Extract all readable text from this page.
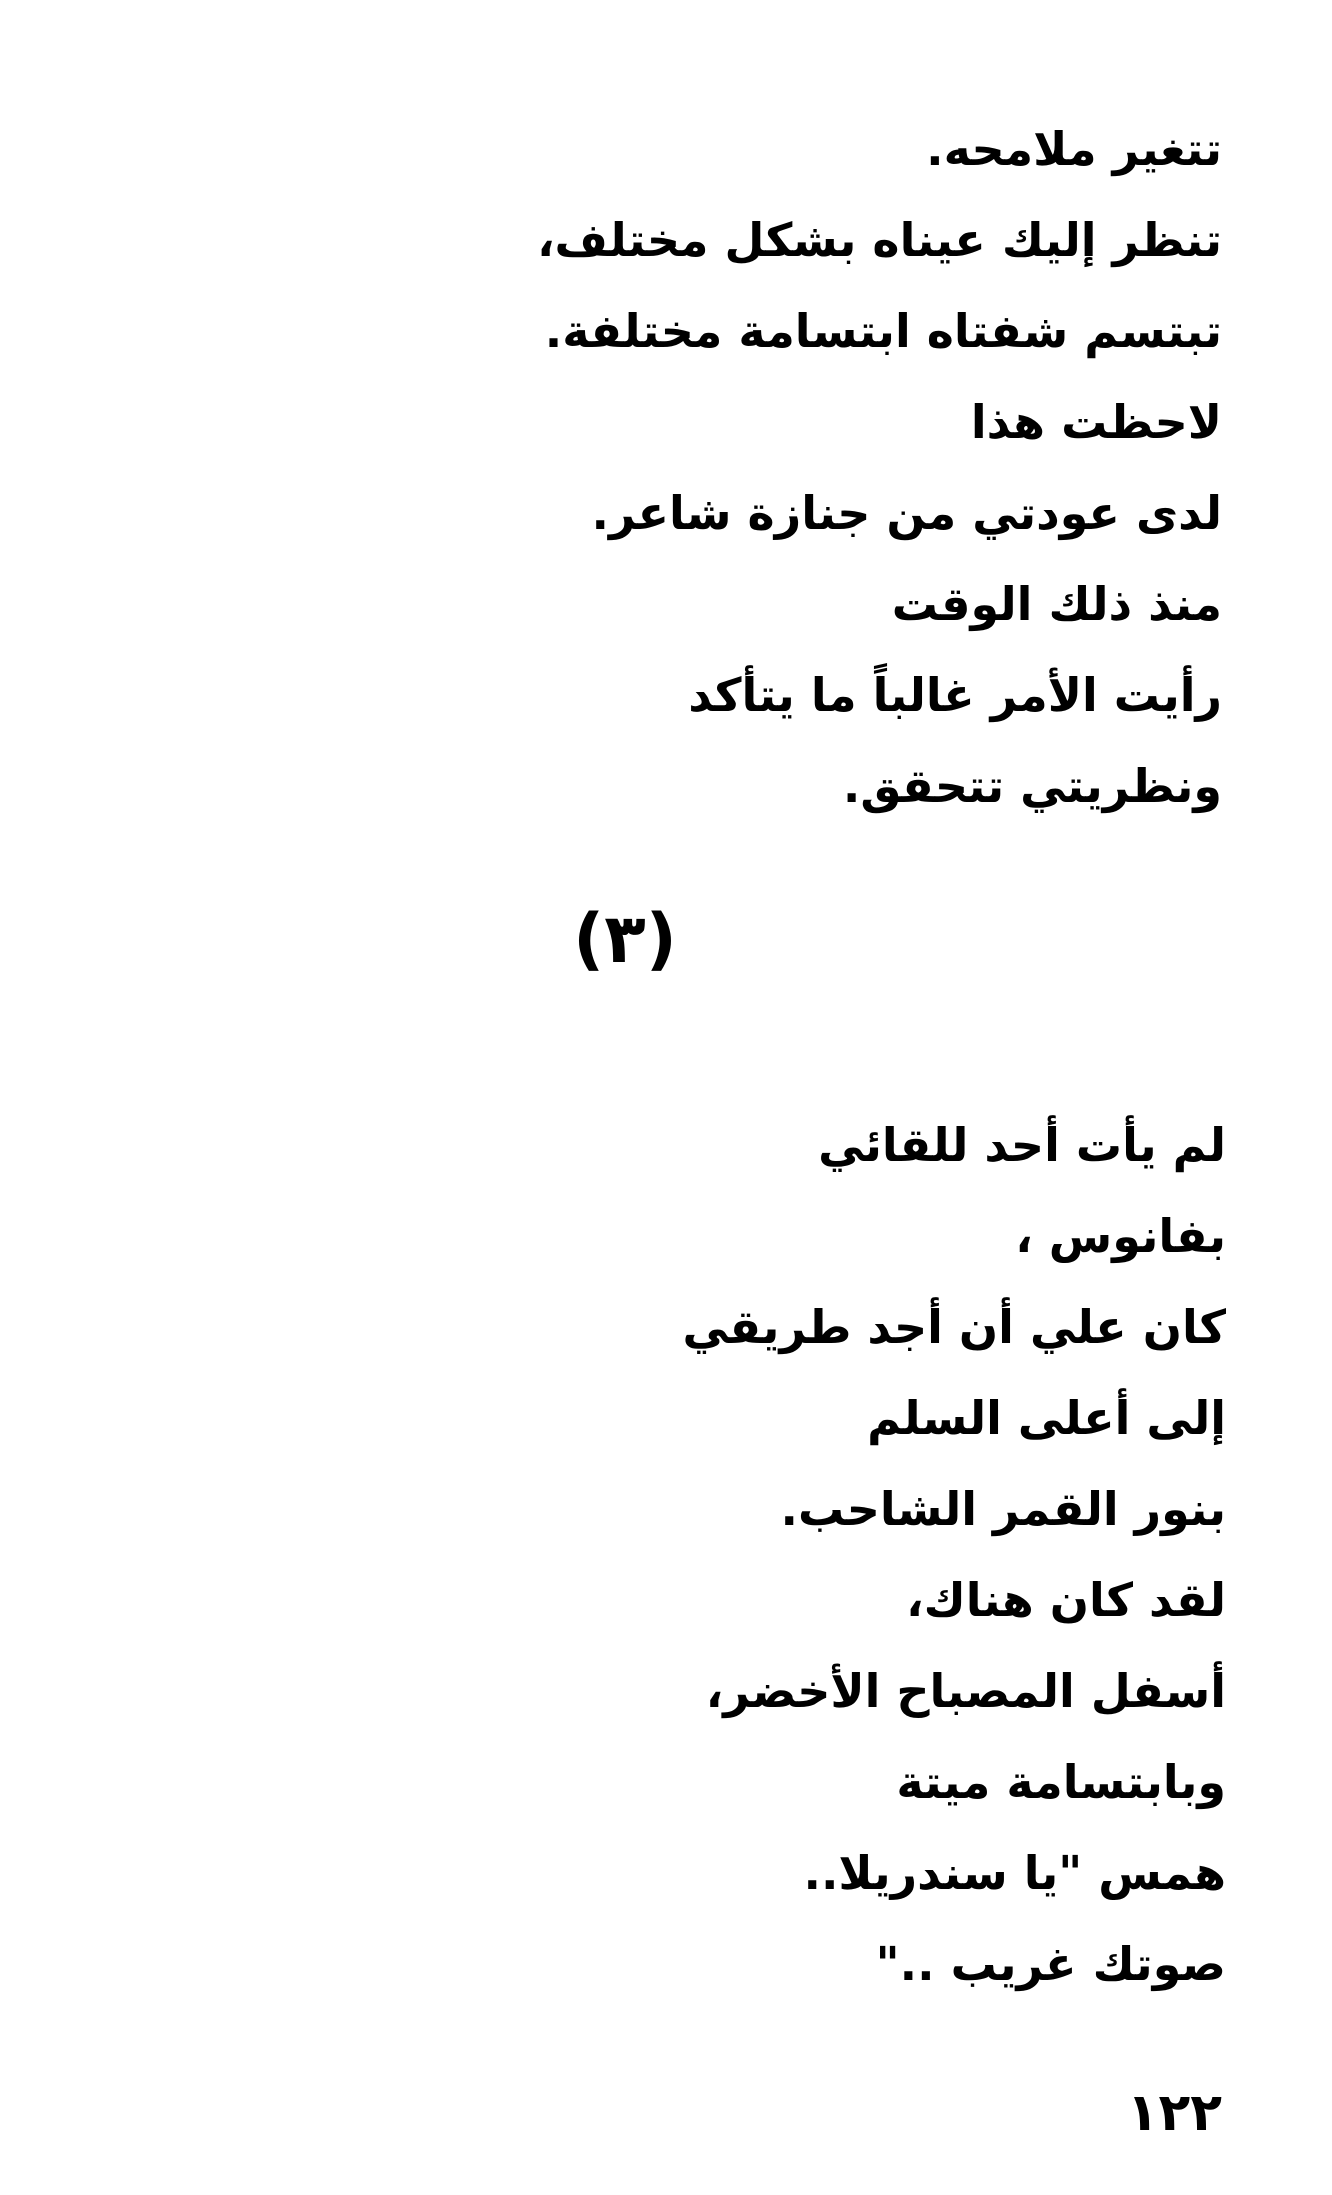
تتغير ملامحه.
تنظر إليك عيناه بشكل مختلف،
تبتسم شفتاه ابتسامة مختلفة.
لاحظت هذا
لدى عودتي من جنازة شاعر.
منذ ذلك الوقت
رأيت الأمر غالباً ما يتأكد
ونظريتي تتحقق.
(٣)
لم يأت أحد للقائي
بفانوس ،
كان علي أن أجد طريقي
إلى أعلى السلم
بنور القمر الشاحب.
لقد كان هناك،
أسفل المصباح الأخضر،
وبابتسامة ميتة
همس "يا سندريلا..
صوتك غريب .."
١٢٢
